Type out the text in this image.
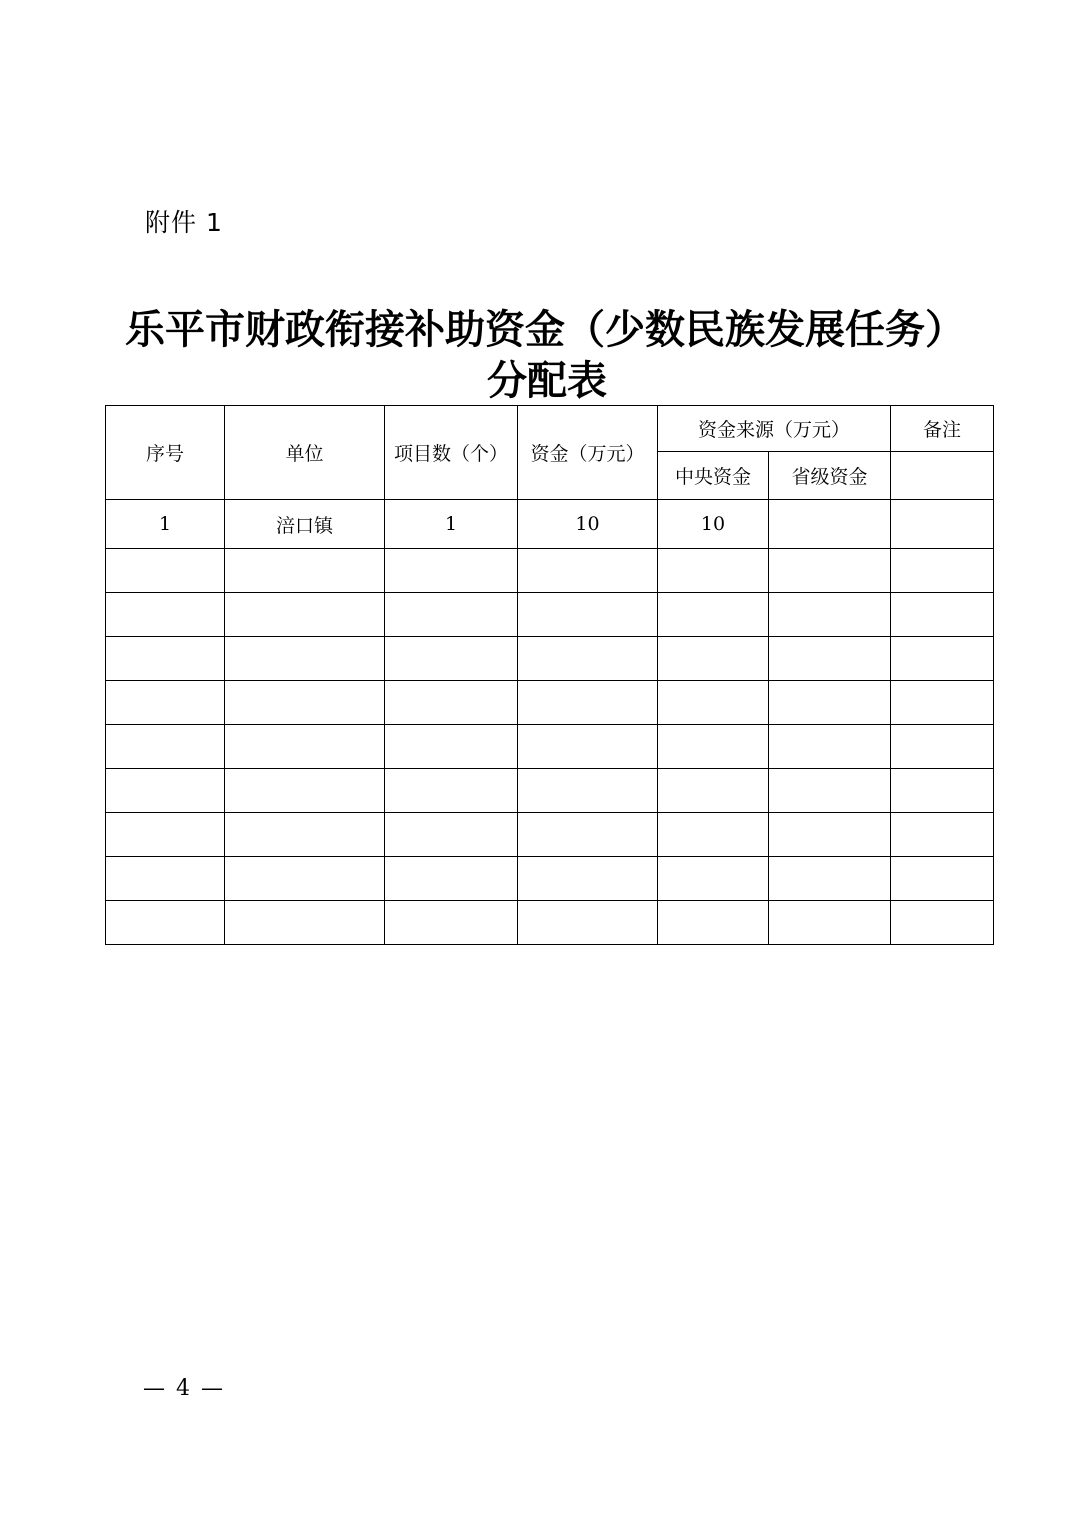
附件 1
乐平市财政衔接补助资金（少数民族发展任务）
分配表
序号	单位	项目数（个）	资金（万元）	资金来源（万元）		备注
				中央资金	省级资金	
1	涪口镇	1	10	10		

— 4 —
